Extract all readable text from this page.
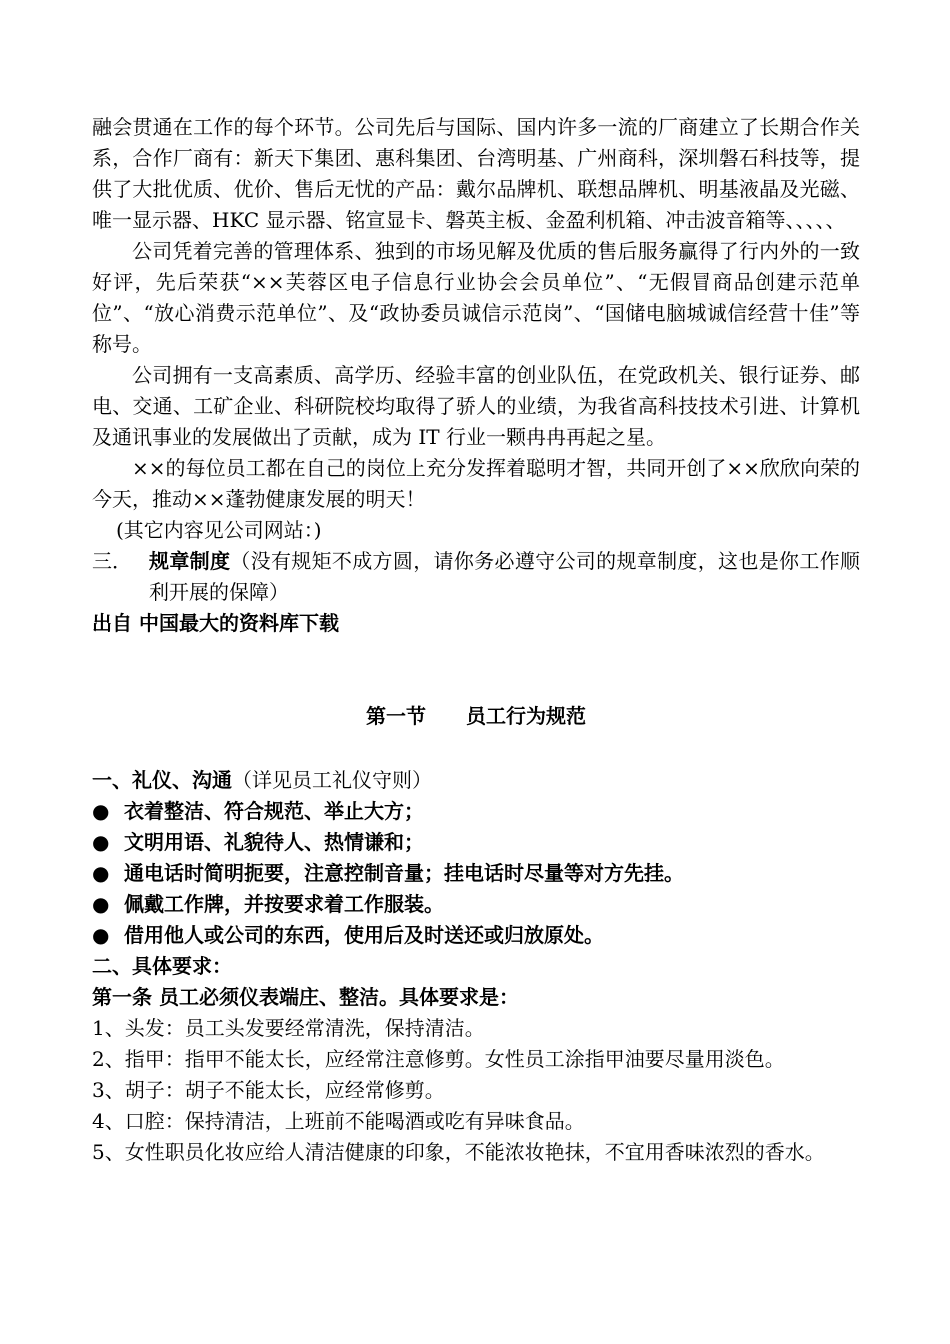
融会贯通在工作的每个环节。公司先后与国际、国内许多一流的厂商建立了长期合作关系，合作厂商有：新天下集团、惠科集团、台湾明基、广州商科，深圳磐石科技等，提供了大批优质、优价、售后无忧的产品：戴尔品牌机、联想品牌机、明基液晶及光磁、唯一显示器、HKC 显示器、铭宣显卡、磐英主板、金盈利机箱、冲击波音箱等、、、、、

公司凭着完善的管理体系、独到的市场见解及优质的售后服务赢得了行内外的一致好评，先后荣获“××芙蓉区电子信息行业协会会员单位”、“无假冒商品创建示范单位”、“放心消费示范单位”、及“政协委员诚信示范岗”、“国储电脑城诚信经营十佳”等称号。

公司拥有一支高素质、高学历、经验丰富的创业队伍，在党政机关、银行证券、邮电、交通、工矿企业、科研院校均取得了骄人的业绩，为我省高科技技术引进、计算机及通讯事业的发展做出了贡献，成为 IT 行业一颗冉冉再起之星。

××的每位员工都在自己的岗位上充分发挥着聪明才智，共同开创了××欣欣向荣的今天，推动××蓬勃健康发展的明天！

(其它内容见公司网站：)

三． 规章制度（没有规矩不成方圆，请你务必遵守公司的规章制度，这也是你工作顺利开展的保障）

出自 中国最大的资料库下载

第一节 员工行为规范

一、礼仪、沟通（详见员工礼仪守则）

● 衣着整洁、符合规范、举止大方；
● 文明用语、礼貌待人、热情谦和；
● 通电话时简明扼要，注意控制音量；挂电话时尽量等对方先挂。
● 佩戴工作牌，并按要求着工作服装。
● 借用他人或公司的东西，使用后及时送还或归放原处。

二、具体要求：

第一条 员工必须仪表端庄、整洁。具体要求是：

1、头发：员工头发要经常清洗，保持清洁。

2、指甲：指甲不能太长，应经常注意修剪。女性员工涂指甲油要尽量用淡色。

3、胡子：胡子不能太长，应经常修剪。

4、口腔：保持清洁，上班前不能喝酒或吃有异味食品。

5、女性职员化妆应给人清洁健康的印象，不能浓妆艳抹，不宜用香味浓烈的香水。
